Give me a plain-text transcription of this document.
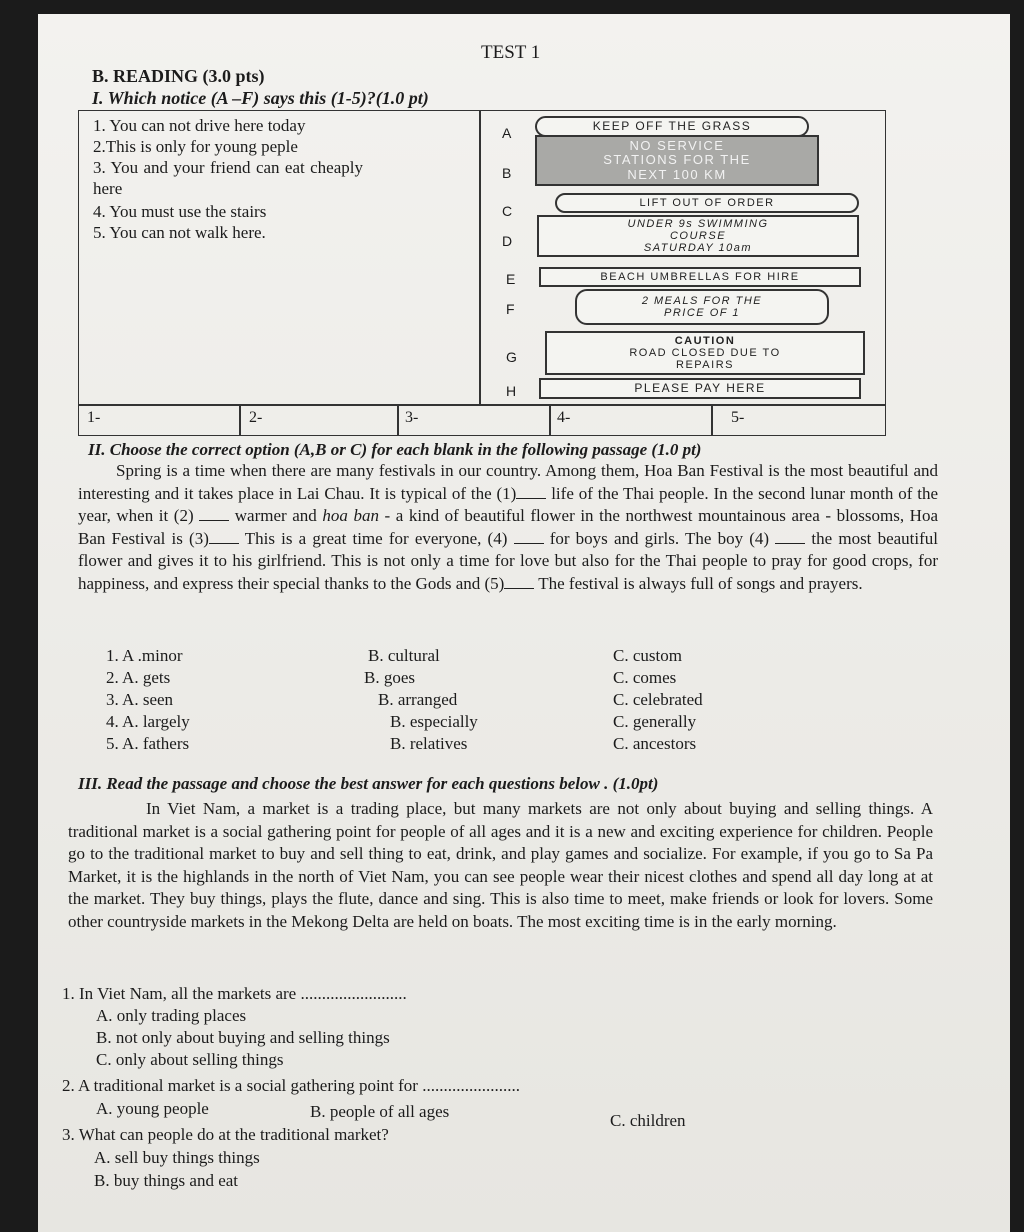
TEST 1
B. READING (3.0 pts)
I. Which notice (A –F) says this (1-5)?(1.0 pt)
1. You can not drive here today
2.This is only for young peple
3. You and your friend can eat cheaply here
4. You must use the stairs
5. You can not walk here.
A
B
C
D
E
F
G
H
KEEP OFF THE GRASS
NO SERVICE
STATIONS FOR THE
NEXT 100 KM
LIFT OUT OF ORDER
UNDER 9s SWIMMING
COURSE
SATURDAY 10am
BEACH UMBRELLAS FOR HIRE
2 MEALS FOR THE
PRICE OF 1
CAUTION
ROAD CLOSED DUE TO
REPAIRS
PLEASE PAY HERE
1-	2-	3-	4-	5-
II. Choose the correct option (A,B or C) for each blank in the following passage (1.0 pt)
Spring is a time when there are many festivals in our country. Among them, Hoa Ban Festival is the most beautiful and interesting and it takes place in Lai Chau. It is typical of the (1) life of the Thai people. In the second lunar month of the year, when it (2)  warmer and hoa ban - a kind of beautiful flower in the northwest mountainous area - blossoms, Hoa Ban Festival is (3) This is a great time for everyone, (4)  for boys and girls. The boy (4)  the most beautiful flower and gives it to his girlfriend. This is not only a time for love but also for the Thai people to pray for good crops, for happiness, and express their special thanks to the Gods and (5) The festival is always full of songs and prayers.
1. A .minor	B. cultural	C. custom
2. A. gets	B. goes	C. comes
3. A. seen	B. arranged	C. celebrated
4. A. largely	B. especially	C. generally
5. A. fathers	B. relatives	C. ancestors
III. Read the passage and choose the best answer for each questions below . (1.0pt)
In Viet Nam, a market is a trading place, but many markets are not only about buying and selling things. A traditional market is a social gathering point for people of all ages and it is a new and exciting experience for children. People go to the traditional market to buy and sell thing to eat, drink, and play games and socialize. For example, if you go to Sa Pa Market, it is the highlands in the north of Viet Nam, you can see people wear their nicest clothes and spend all day long at at the market. They buy things, plays the flute, dance and sing. This is also time to meet, make friends or look for lovers. Some other countryside markets in the Mekong Delta are held on boats. The most exciting time is in the early morning.
1. In Viet Nam, all the markets are .........................
A. only trading places
B. not only about buying and selling things
C. only about selling things
2. A traditional market is a social gathering point for .......................
A. young people	B. people of all ages	C. children
3. What can people do at the traditional market?
A. sell buy things things
B. buy things and eat
